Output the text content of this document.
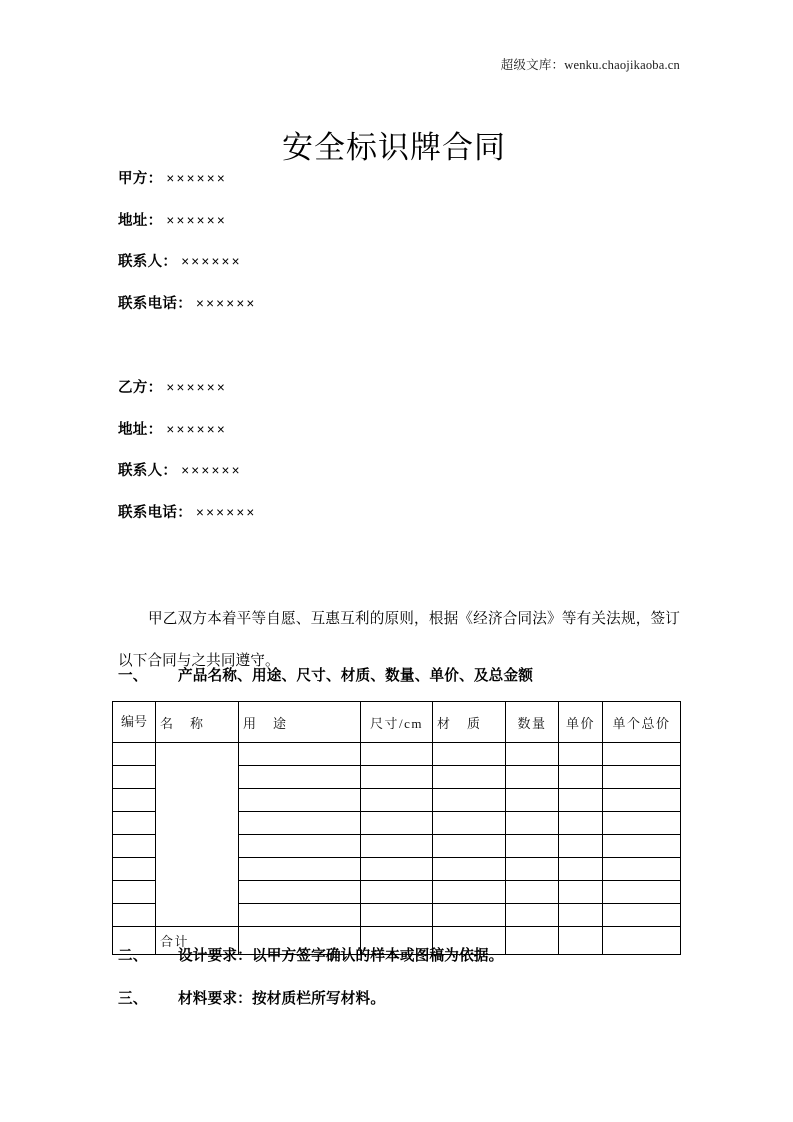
超级文库：wenku.chaojikaoba.cn
安全标识牌合同
甲方： ××××××
地址： ××××××
联系人： ××××××
联系电话： ××××××
乙方： ××××××
地址： ××××××
联系人： ××××××
联系电话： ××××××

甲乙双方本着平等自愿、互惠互利的原则，根据《经济合同法》等有关法规，签订以下合同与之共同遵守。

一、 产品名称、用途、尺寸、材质、数量、单价、及总金额
编号	名　称	用　途	尺寸/cm	材　质	数量	单价	单个总价

	合计						
二、 设计要求：以甲方签字确认的样本或图稿为依据。
三、 材料要求：按材质栏所写材料。
